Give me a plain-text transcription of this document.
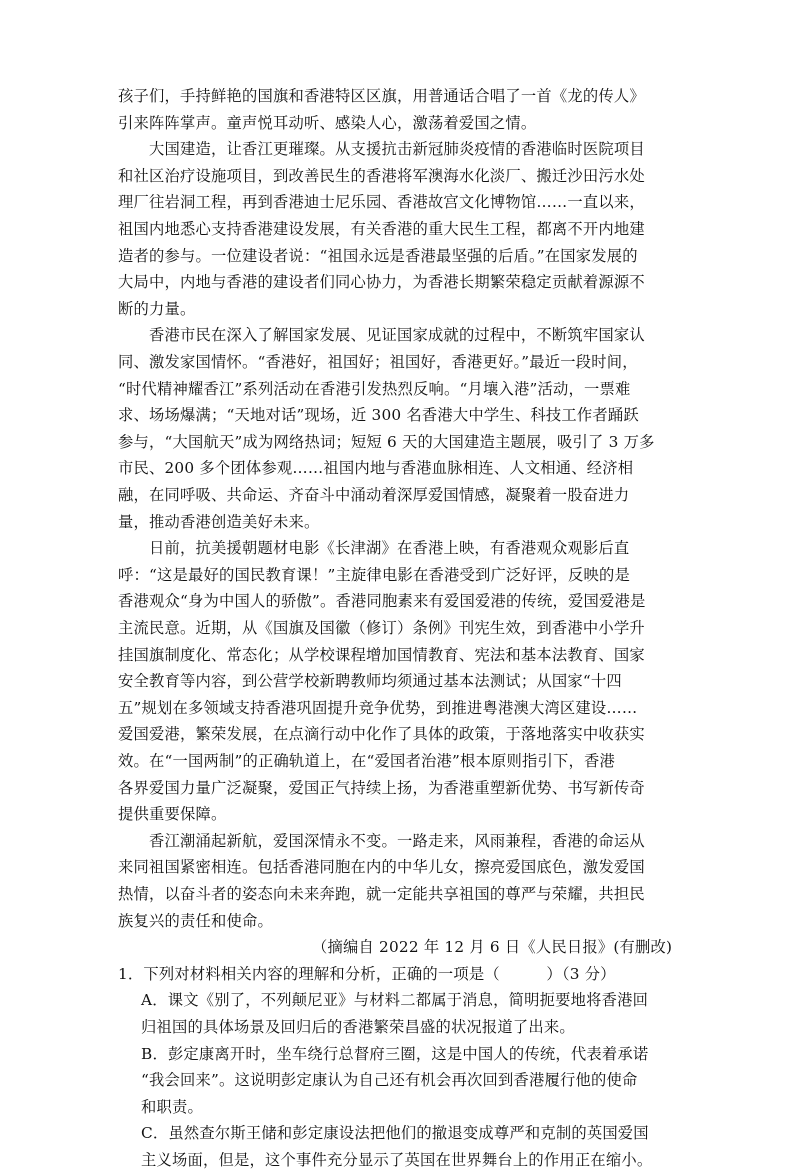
孩子们，手持鲜艳的国旗和香港特区区旗，用普通话合唱了一首《龙的传人》
引来阵阵掌声。童声悦耳动听、感染人心，激荡着爱国之情。
大国建造，让香江更璀璨。从支援抗击新冠肺炎疫情的香港临时医院项目
和社区治疗设施项目，到改善民生的香港将军澳海水化淡厂、搬迁沙田污水处
理厂往岩洞工程，再到香港迪士尼乐园、香港故宫文化博物馆……一直以来，
祖国内地悉心支持香港建设发展，有关香港的重大民生工程，都离不开内地建
造者的参与。一位建设者说：“祖国永远是香港最坚强的后盾。”在国家发展的
大局中，内地与香港的建设者们同心协力，为香港长期繁荣稳定贡献着源源不
断的力量。
香港市民在深入了解国家发展、见证国家成就的过程中，不断筑牢国家认
同、激发家国情怀。“香港好，祖国好；祖国好，香港更好。”最近一段时间，
“时代精神耀香江”系列活动在香港引发热烈反响。“月壤入港”活动，一票难
求、场场爆满；“天地对话”现场，近 300 名香港大中学生、科技工作者踊跃
参与，“大国航天”成为网络热词；短短 6 天的大国建造主题展，吸引了 3 万多
市民、200 多个团体参观……祖国内地与香港血脉相连、人文相通、经济相
融，在同呼吸、共命运、齐奋斗中涌动着深厚爱国情感，凝聚着一股奋进力
量，推动香港创造美好未来。
日前，抗美援朝题材电影《长津湖》在香港上映，有香港观众观影后直
呼：“这是最好的国民教育课！”主旋律电影在香港受到广泛好评，反映的是
香港观众“身为中国人的骄傲”。香港同胞素来有爱国爱港的传统，爱国爱港是
主流民意。近期，从《国旗及国徽（修订）条例》刊宪生效，到香港中小学升
挂国旗制度化、常态化；从学校课程增加国情教育、宪法和基本法教育、国家
安全教育等内容，到公营学校新聘教师均须通过基本法测试；从国家“十四
五”规划在多领域支持香港巩固提升竞争优势，到推进粤港澳大湾区建设……
爱国爱港，繁荣发展，在点滴行动中化作了具体的政策，于落地落实中收获实
效。在“一国两制”的正确轨道上，在“爱国者治港”根本原则指引下，香港
各界爱国力量广泛凝聚，爱国正气持续上扬，为香港重塑新优势、书写新传奇
提供重要保障。
香江潮涌起新航，爱国深情永不变。一路走来，风雨兼程，香港的命运从
来同祖国紧密相连。包括香港同胞在内的中华儿女，擦亮爱国底色，激发爱国
热情，以奋斗者的姿态向未来奔跑，就一定能共享祖国的尊严与荣耀，共担民
族复兴的责任和使命。
（摘编自 2022 年 12 月 6 日《人民日报》(有删改)
1．下列对材料相关内容的理解和分析，正确的一项是（　　　）（3 分）
A．课文《别了，不列颠尼亚》与材料二都属于消息，简明扼要地将香港回
归祖国的具体场景及回归后的香港繁荣昌盛的状况报道了出来。
B．彭定康离开时，坐车绕行总督府三圈，这是中国人的传统，代表着承诺
“我会回来”。这说明彭定康认为自己还有机会再次回到香港履行他的使命
和职责。
C．虽然查尔斯王储和彭定康设法把他们的撤退变成尊严和克制的英国爱国
主义场面，但是，这个事件充分显示了英国在世界舞台上的作用正在缩小。
